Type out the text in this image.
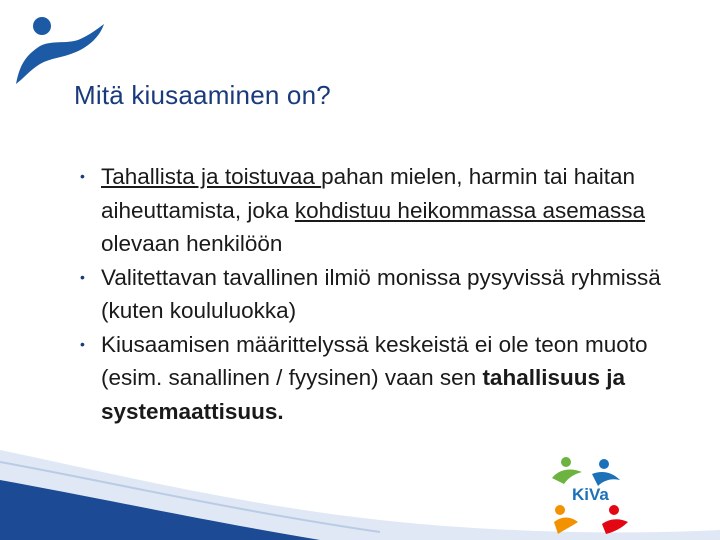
Mitä kiusaaminen on?
• Tahallista ja toistuvaa pahan mielen, harmin tai haitan aiheuttamista, joka kohdistuu heikommassa asemassa olevaan henkilöön
• Valitettavan tavallinen ilmiö monissa pysyvissä ryhmissä (kuten koululuokka)
• Kiusaamisen määrittelyssä keskeistä ei ole teon muoto (esim. sanallinen / fyysinen) vaan sen tahallisuus ja systemaattisuus.
KiVa
